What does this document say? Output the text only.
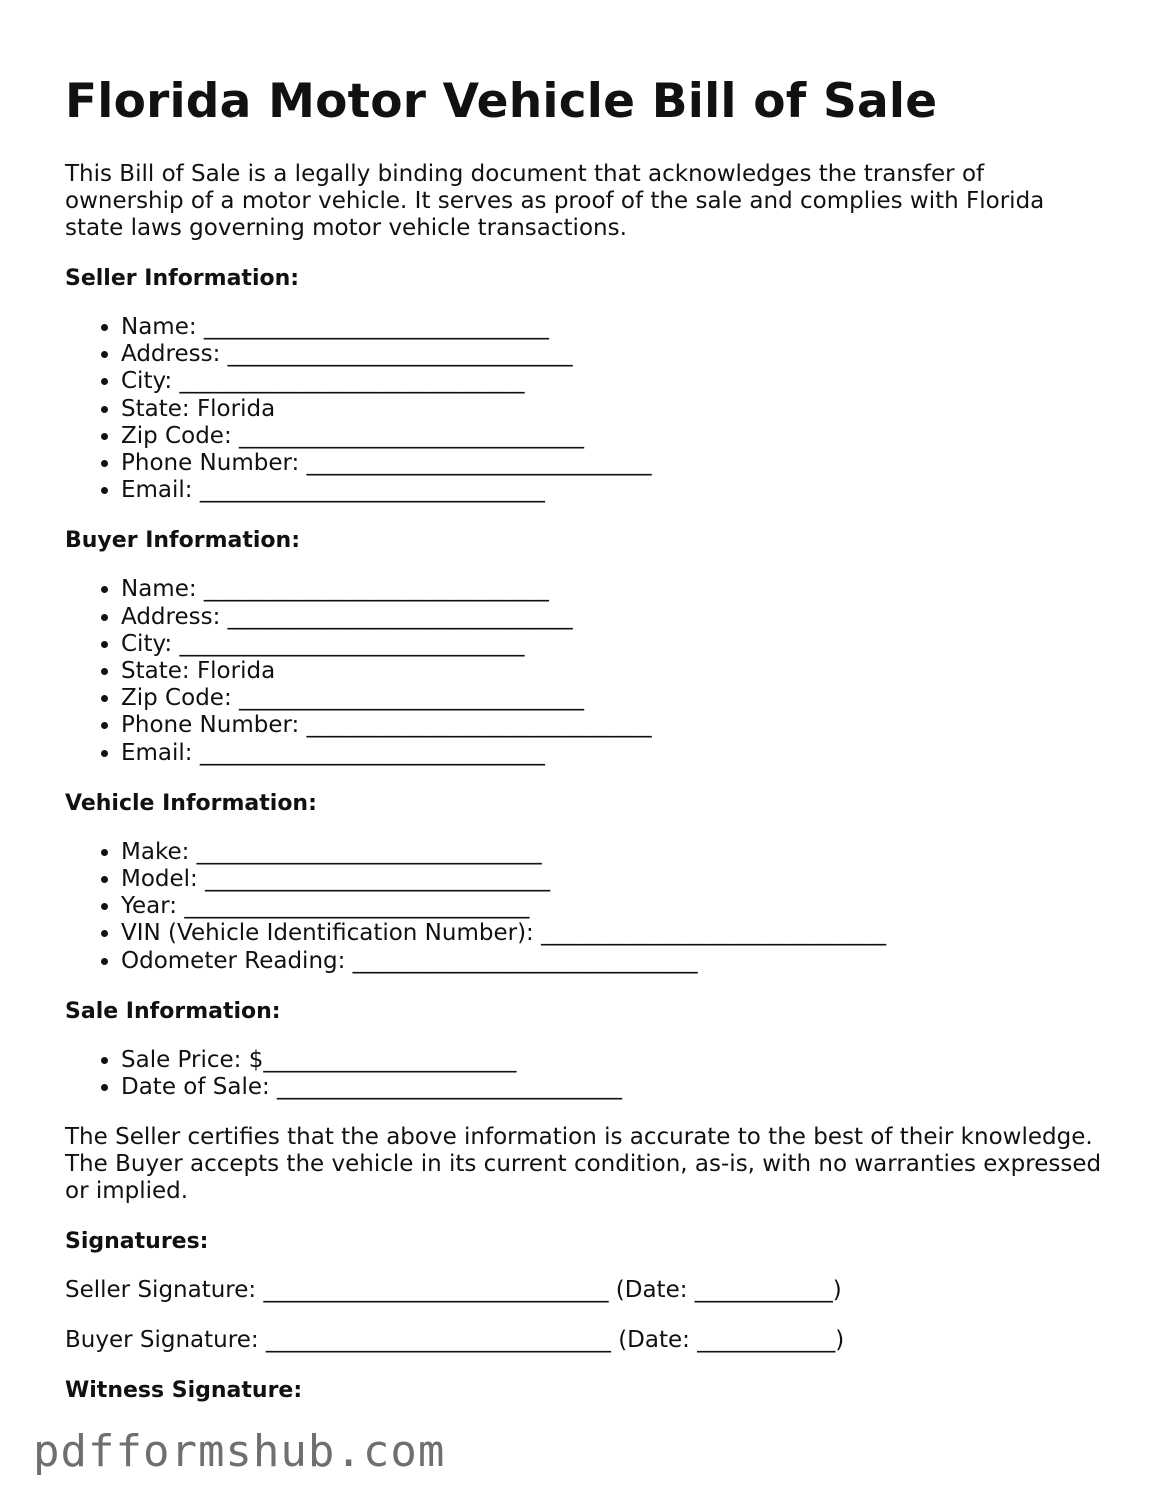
Florida Motor Vehicle Bill of Sale

This Bill of Sale is a legally binding document that acknowledges the transfer of ownership of a motor vehicle. It serves as proof of the sale and complies with Florida state laws governing motor vehicle transactions.

Seller Information:
• Name: ______________________________
• Address: ______________________________
• City: ______________________________
• State: Florida
• Zip Code: ______________________________
• Phone Number: ______________________________
• Email: ______________________________
Buyer Information:
• Name: ______________________________
• Address: ______________________________
• City: ______________________________
• State: Florida
• Zip Code: ______________________________
• Phone Number: ______________________________
• Email: ______________________________
Vehicle Information:
• Make: ______________________________
• Model: ______________________________
• Year: ______________________________
• VIN (Vehicle Identification Number): ______________________________
• Odometer Reading: ______________________________
Sale Information:
• Sale Price: $______________________
• Date of Sale: ______________________________

The Seller certifies that the above information is accurate to the best of their knowledge. The Buyer accepts the vehicle in its current condition, as-is, with no warranties expressed or implied.

Signatures:
Seller Signature: ______________________________ (Date: ____________)
Buyer Signature: ______________________________ (Date: ____________)
Witness Signature:
pdfformshub.com
